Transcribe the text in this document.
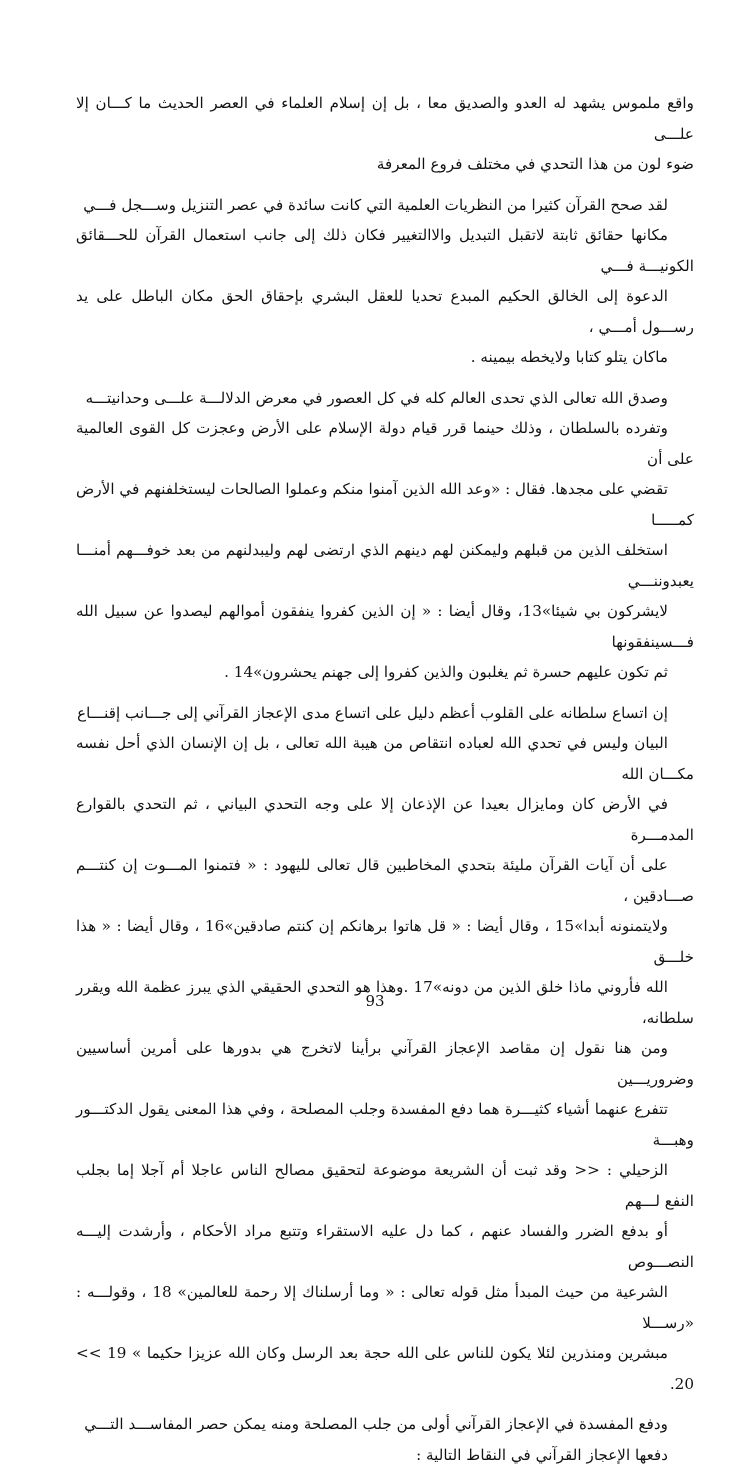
واقع ملموس يشهد له العدو والصديق معا ، بل إن إسلام العلماء في العصر الحديث ما كـــان إلا علـــى
ضوء لون من هذا التحدي في مختلف فروع المعرفة

لقد صحح القرآن كثيرا من النظريات العلمية التي كانت سائدة في عصر التنزيل وســـجل فـــي
مكانها حقائق ثابتة لاتقبل التبديل والاالتغيير فكان ذلك إلى جانب استعمال القرآن للحـــقائق الكونيـــة فـــي
الدعوة إلى الخالق الحكيم المبدع تحديا للعقل البشري بإحقاق الحق مكان الباطل على يد رســـول أمـــي ،
ماكان يتلو كتابا ولايخطه بيمينه .

وصدق الله تعالى الذي تحدى العالم كله في كل العصور في معرض الدلالـــة علـــى وحدانيتـــه
وتفرده بالسلطان ، وذلك حينما قرر قيام دولة الإسلام على الأرض وعجزت كل القوى العالمية على أن
تقضي على مجدها. فقال : «وعد الله الذين آمنوا منكم وعملوا الصالحات ليستخلفنهم في الأرض كمـــــا
استخلف الذين من قبلهم وليمكنن لهم دينهم الذي ارتضى لهم وليبدلنهم من بعد خوفـــهم أمنـــا يعبدوننـــي
لايشركون بي شيئا»13، وقال أيضا : « إن الذين كفروا ينفقون أموالهم ليصدوا عن سبيل الله فـــسينفقونها
ثم تكون عليهم حسرة ثم يغلبون والذين كفروا إلى جهنم يحشرون»14 .

إن اتساع سلطانه على القلوب أعظم دليل على اتساع مدى الإعجاز القرآني إلى جـــانب إقنـــاع
البيان وليس في تحدي الله لعباده انتقاص من هيبة الله تعالى ، بل إن الإنسان الذي أحل نفسه مكـــان الله
في الأرض كان ومايزال بعيدا عن الإذعان إلا على وجه التحدي البياني ، ثم التحدي بالقوارع المدمـــرة
على أن آيات القرآن مليئة بتحدي المخاطبين قال تعالى لليهود : « فتمنوا المـــوت إن كنتـــم صـــادقين ،
ولايتمنونه أبدا»15 ، وقال أيضا : « قل هاتوا برهانكم إن كنتم صادقين»16 ، وقال أيضا : « هذا خلـــق
الله فأروني ماذا خلق الذين من دونه»17 .وهذا هو التحدي الحقيقي الذي يبرز عظمة الله ويقرر سلطانه،
ومن هنا نقول إن مقاصد الإعجاز القرآني برأينا لاتخرج هي بدورها على أمرين أساسيين وضروريـــين
تتفرع عنهما أشياء كثيـــرة هما دفع المفسدة وجلب المصلحة ، وفي هذا المعنى يقول الدكتـــور وهبـــة
الزحيلي : << وقد ثبت أن الشريعة موضوعة لتحقيق مصالح الناس عاجلا أم آجلا إما بجلب النفع لـــهم
أو بدفع الضرر والفساد عنهم ، كما دل عليه الاستقراء وتتبع مراد الأحكام ، وأرشدت إليـــه النصـــوص
الشرعية من حيث المبدأ مثل قوله تعالى : « وما أرسلناك إلا رحمة للعالمين» 18 ، وقولـــه : «رســـلا
مبشرين ومنذرين لئلا يكون للناس على الله حجة بعد الرسل وكان الله عزيزا حكيما » 19 >> 20.

ودفع المفسدة في الإعجاز القرآني أولى من جلب المصلحة ومنه يمكن حصر المفاســـد التـــي
دفعها الإعجاز القرآني في النقاط التالية :

93
